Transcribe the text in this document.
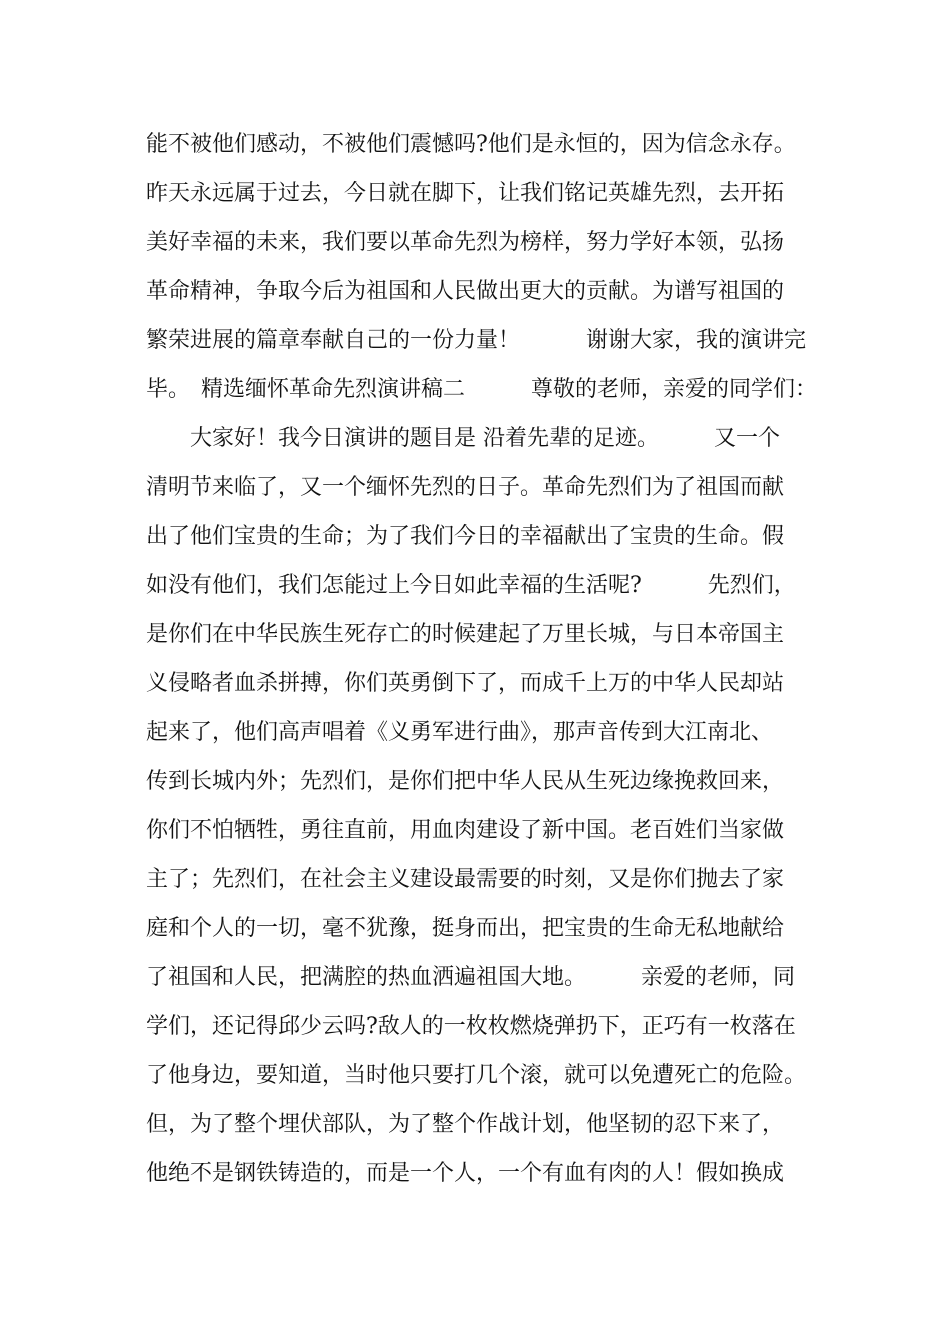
能不被他们感动，不被他们震憾吗?他们是永恒的，因为信念永存。
昨天永远属于过去，今日就在脚下，让我们铭记英雄先烈，去开拓
美好幸福的未来，我们要以革命先烈为榜样，努力学好本领，弘扬
革命精神，争取今后为祖国和人民做出更大的贡献。为谱写祖国的
繁荣进展的篇章奉献自己的一份力量！　　　谢谢大家，我的演讲完
毕。　精选缅怀革命先烈演讲稿二　　　尊敬的老师，亲爱的同学们：
　　大家好！我今日演讲的题目是 沿着先辈的足迹。　　　又一个
清明节来临了，又一个缅怀先烈的日子。革命先烈们为了祖国而献
出了他们宝贵的生命；为了我们今日的幸福献出了宝贵的生命。假
如没有他们，我们怎能过上今日如此幸福的生活呢?　　　先烈们，
是你们在中华民族生死存亡的时候建起了万里长城，与日本帝国主
义侵略者血杀拼搏，你们英勇倒下了，而成千上万的中华人民却站
起来了，他们高声唱着《义勇军进行曲》，那声音传到大江南北、
传到长城内外；先烈们，是你们把中华人民从生死边缘挽救回来，
你们不怕牺牲，勇往直前，用血肉建设了新中国。老百姓们当家做
主了；先烈们，在社会主义建设最需要的时刻，又是你们抛去了家
庭和个人的一切，毫不犹豫，挺身而出，把宝贵的生命无私地献给
了祖国和人民，把满腔的热血洒遍祖国大地。　　　亲爱的老师，同
学们，还记得邱少云吗?敌人的一枚枚燃烧弹扔下，正巧有一枚落在
了他身边，要知道，当时他只要打几个滚，就可以免遭死亡的危险。
但，为了整个埋伏部队，为了整个作战计划，他坚韧的忍下来了，
他绝不是钢铁铸造的，而是一个人，一个有血有肉的人！假如换成
